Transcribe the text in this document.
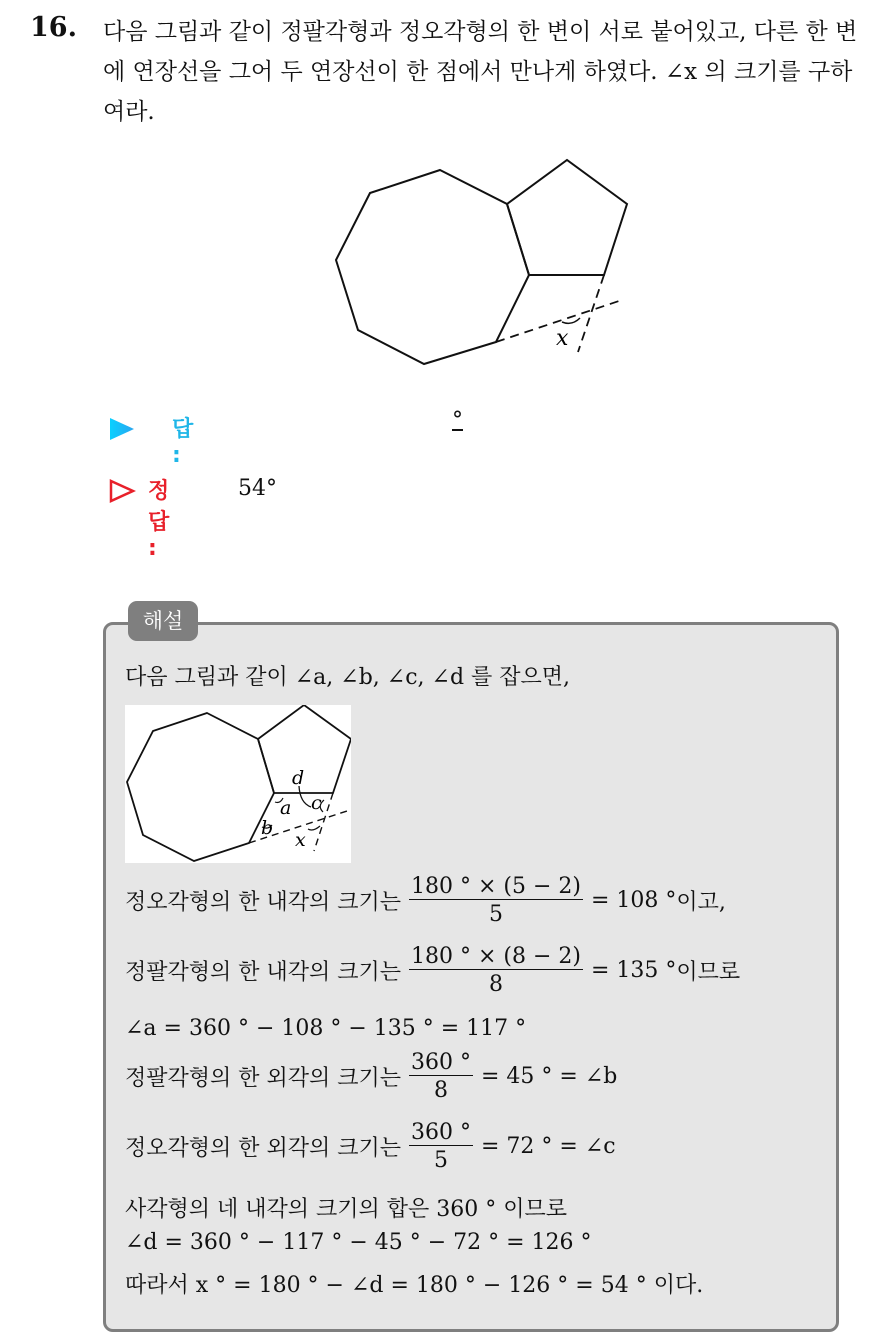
16. 다음 그림과 같이 정팔각형과 정오각형의 한 변이 서로 붙어있고, 다른 한 변에 연장선을 그어 두 연장선이 한 점에서 만나게 하였다. ∠x 의 크기를 구하여라.
x
답 :
°
정답 :
54°
해설
다음 그림과 같이 ∠a, ∠b, ∠c, ∠d 를 잡으면,
d
a c
b
x
정오각형의 한 내각의 크기는 $\frac{180 ^\circ \times (5 - 2)}{5} = 108$ ° 이고,
정팔각형의 한 내각의 크기는 $\frac{180 ^\circ \times (8 - 2)}{8} = 135$ ° 이므로
∠a = 360 ° − 108 ° − 135 ° = 117 °
정팔각형의 한 외각의 크기는 $\frac{360 ^\circ}{8} = 45$ ° = ∠b
정오각형의 한 외각의 크기는 $\frac{360 ^\circ}{5} = 72$ ° = ∠c
사각형의 네 내각의 크기의 합은 360 ° 이므로
∠d = 360 ° − 117 ° − 45 ° − 72 ° = 126 °
따라서 x ° = 180 ° − ∠d = 180 ° − 126 ° = 54 ° 이다.
